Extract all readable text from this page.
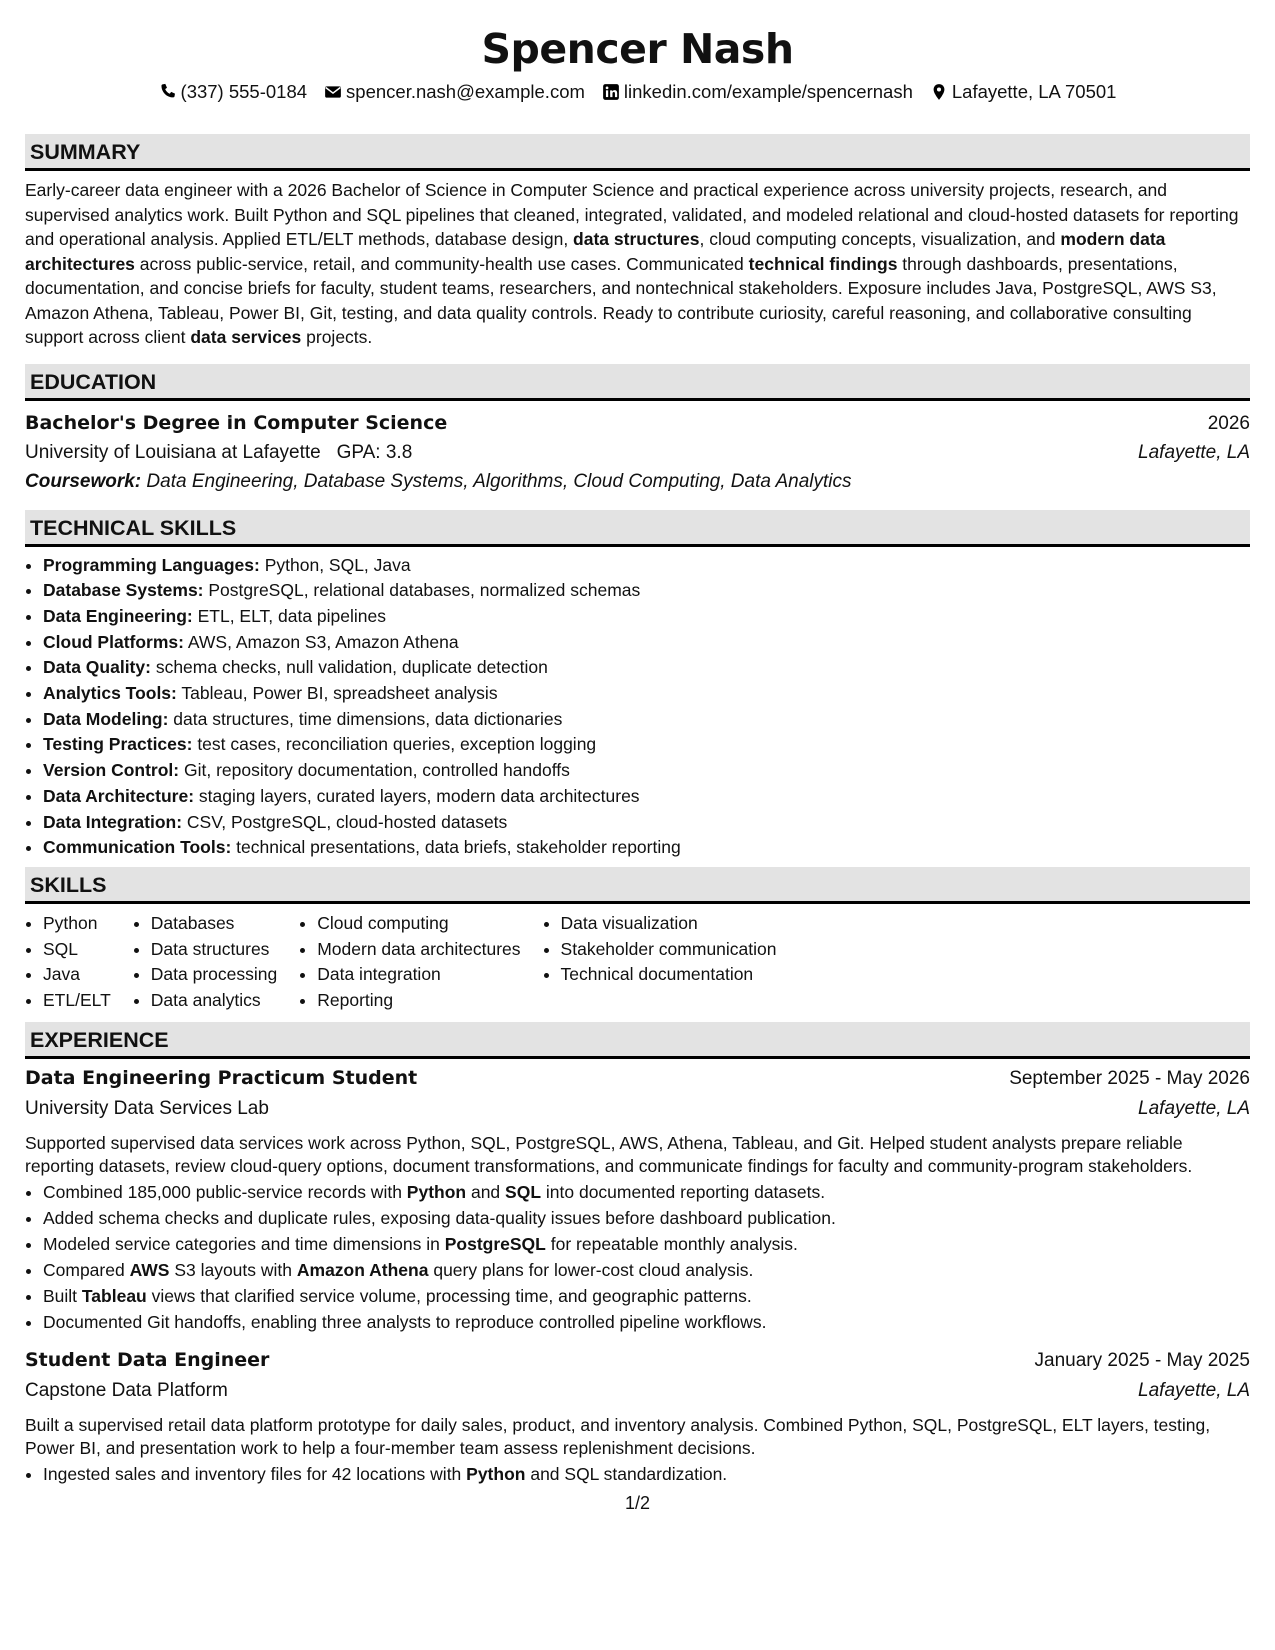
Spencer Nash
(337) 555-0184 spencer.nash@example.com linkedin.com/example/spencernash Lafayette, LA 70501
SUMMARY
Early-career data engineer with a 2026 Bachelor of Science in Computer Science and practical experience across university projects, research, and supervised analytics work. Built Python and SQL pipelines that cleaned, integrated, validated, and modeled relational and cloud-hosted datasets for reporting and operational analysis. Applied ETL/ELT methods, database design, data structures, cloud computing concepts, visualization, and modern data architectures across public-service, retail, and community-health use cases. Communicated technical findings through dashboards, presentations, documentation, and concise briefs for faculty, student teams, researchers, and nontechnical stakeholders. Exposure includes Java, PostgreSQL, AWS S3, Amazon Athena, Tableau, Power BI, Git, testing, and data quality controls. Ready to contribute curiosity, careful reasoning, and collaborative consulting support across client data services projects.
EDUCATION
Bachelor's Degree in Computer Science	2026
University of Louisiana at Lafayette GPA: 3.8	Lafayette, LA
Coursework: Data Engineering, Database Systems, Algorithms, Cloud Computing, Data Analytics
TECHNICAL SKILLS
• Programming Languages: Python, SQL, Java
• Database Systems: PostgreSQL, relational databases, normalized schemas
• Data Engineering: ETL, ELT, data pipelines
• Cloud Platforms: AWS, Amazon S3, Amazon Athena
• Data Quality: schema checks, null validation, duplicate detection
• Analytics Tools: Tableau, Power BI, spreadsheet analysis
• Data Modeling: data structures, time dimensions, data dictionaries
• Testing Practices: test cases, reconciliation queries, exception logging
• Version Control: Git, repository documentation, controlled handoffs
• Data Architecture: staging layers, curated layers, modern data architectures
• Data Integration: CSV, PostgreSQL, cloud-hosted datasets
• Communication Tools: technical presentations, data briefs, stakeholder reporting
SKILLS
• Python
• SQL
• Java
• ETL/ELT
• Databases
• Data structures
• Data processing
• Data analytics
• Cloud computing
• Modern data architectures
• Data integration
• Reporting
• Data visualization
• Stakeholder communication
• Technical documentation
EXPERIENCE
Data Engineering Practicum Student	September 2025 - May 2026
University Data Services Lab	Lafayette, LA
Supported supervised data services work across Python, SQL, PostgreSQL, AWS, Athena, Tableau, and Git. Helped student analysts prepare reliable reporting datasets, review cloud-query options, document transformations, and communicate findings for faculty and community-program stakeholders.
• Combined 185,000 public-service records with Python and SQL into documented reporting datasets.
• Added schema checks and duplicate rules, exposing data-quality issues before dashboard publication.
• Modeled service categories and time dimensions in PostgreSQL for repeatable monthly analysis.
• Compared AWS S3 layouts with Amazon Athena query plans for lower-cost cloud analysis.
• Built Tableau views that clarified service volume, processing time, and geographic patterns.
• Documented Git handoffs, enabling three analysts to reproduce controlled pipeline workflows.
Student Data Engineer	January 2025 - May 2025
Capstone Data Platform	Lafayette, LA
Built a supervised retail data platform prototype for daily sales, product, and inventory analysis. Combined Python, SQL, PostgreSQL, ELT layers, testing, Power BI, and presentation work to help a four-member team assess replenishment decisions.
• Ingested sales and inventory files for 42 locations with Python and SQL standardization.
1/2
